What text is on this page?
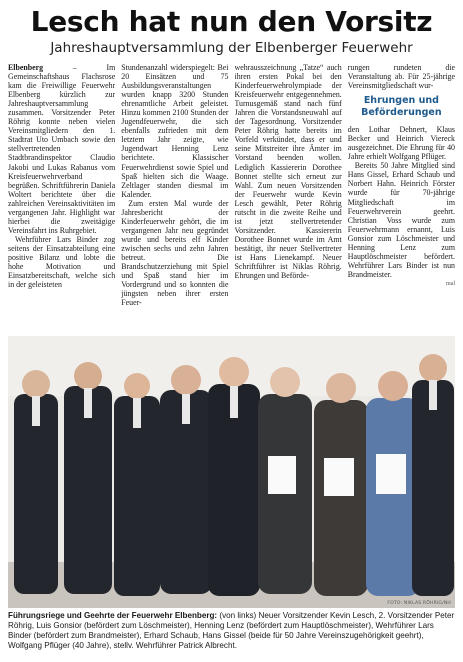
Lesch hat nun den Vorsitz
Jahreshauptversammlung der Elbenberger Feuerwehr

Elbenberg – Im Gemeinschaftshaus Flachsrose kam die Freiwillige Feuerwehr Elbenberg kürzlich zur Jahreshauptversammlung zusammen. Vorsitzender Peter Röhrig konnte neben vielen Vereinsmitgliedern den 1. Stadtrat Uto Umbach sowie den stellvertretenden Stadtbrandinspektor Claudio Jakobi und Lukas Rabanus vom Kreisfeuerwehrverband begrüßen. Schriftführerin Daniela Woltert berichtete über die zahlreichen Vereinsaktivitäten im vergangenen Jahr. Highlight war hierbei die zweitägige Vereinsfahrt ins Ruhrgebiet.

Wehrführer Lars Binder zog seitens der Einsatzabteilung eine positive Bilanz und lobte die hohe Motivation und Einsatzbereitschaft, welche sich in der geleisteten

Stundenanzahl widerspiegelt: Bei 20 Einsätzen und 75 Ausbildungsveranstaltungen wurden knapp 3200 Stunden ehrenamtliche Arbeit geleistet. Hinzu kommen 2100 Stunden der Jugendfeuerwehr, die sich ebenfalls zufrieden mit dem letztem Jahr zeigte, wie Jugendwart Henning Lenz berichtete. Klassischer Feuerwehrdienst sowie Spiel und Spaß hielten sich die Waage. Zeltlager standen diesmal im Kalender.

Zum ersten Mal wurde der Jahresbericht der Kinderfeuerwehr gehört, die im vergangenen Jahr neu gegründet wurde und bereits elf Kinder zwischen sechs und zehn Jahren betreut. Die Brandschutzerziehung mit Spiel und Spaß stand hier im Vordergrund und so konnten die jüngsten neben ihrer ersten Feuer-

wehrausszeichnung „Tatze“ auch ihren ersten Pokal bei den Kinderfeuerwehrolympiade der Kreisfeuerwehr entgegennehmen. Turnusgemäß stand nach fünf Jahren die Vorstandsneuwahl auf der Tagesordnung. Vorsitzender Peter Röhrig hatte bereits im Vorfeld verkündet, dass er und seine Mitstreiter ihre Ämter im Vorstand beenden wollen. Lediglich Kassiererin Dorothee Bonnet stellte sich erneut zur Wahl. Zum neuen Vorsitzenden der Feuerwehr wurde Kevin Lesch gewählt, Peter Röhrig rutscht in die zweite Reihe und ist jetzt stellvertretender Vorsitzender. Kassiererin Dorothee Bonnet wurde im Amt bestätigt, ihr neuer Stellvertreter ist Hans Lienekampf. Neuer Schriftführer ist Niklas Röhrig. Ehrungen und Beförde-

rungen rundeten die Veranstaltung ab. Für 25-jährige Vereinsmitgliedschaft wur-

Ehrungen und Beförderungen

den Lothar Dehnert, Klaus Becker und Heinrich Viereck ausgezeichnet. Die Ehrung für 40 Jahre erhielt Wolfgang Pflüger.

Bereits 50 Jahre Mitglied sind Hans Gissel, Erhard Schaub und Norbert Hahn. Heinrich Förster wurde für 70-jährige Mitgliedschaft im Feuerwehrverein geehrt. Christian Voss wurde zum Feuerwehrmann ernannt, Luis Gonsior zum Löschmeister und Henning Lenz zum Hauptlöschmeister befördert. Wehrführer Lars Binder ist nun Brandmeister.

mal
FOTO: NIKLAS RÖHRIG/NH
Führungsriege und Geehrte der Feuerwehr Elbenberg: (von links) Neuer Vorsitzender Kevin Lesch, 2. Vorsitzender Peter Röhrig, Luis Gonsior (befördert zum Löschmeister), Henning Lenz (befördert zum Hauptlöschmeister), Wehrführer Lars Binder (befördert zum Brandmeister), Erhard Schaub, Hans Gissel (beide für 50 Jahre Vereinszugehörigkeit geehrt), Wolfgang Pflüger (40 Jahre), stellv. Wehrführer Patrick Albrecht.
